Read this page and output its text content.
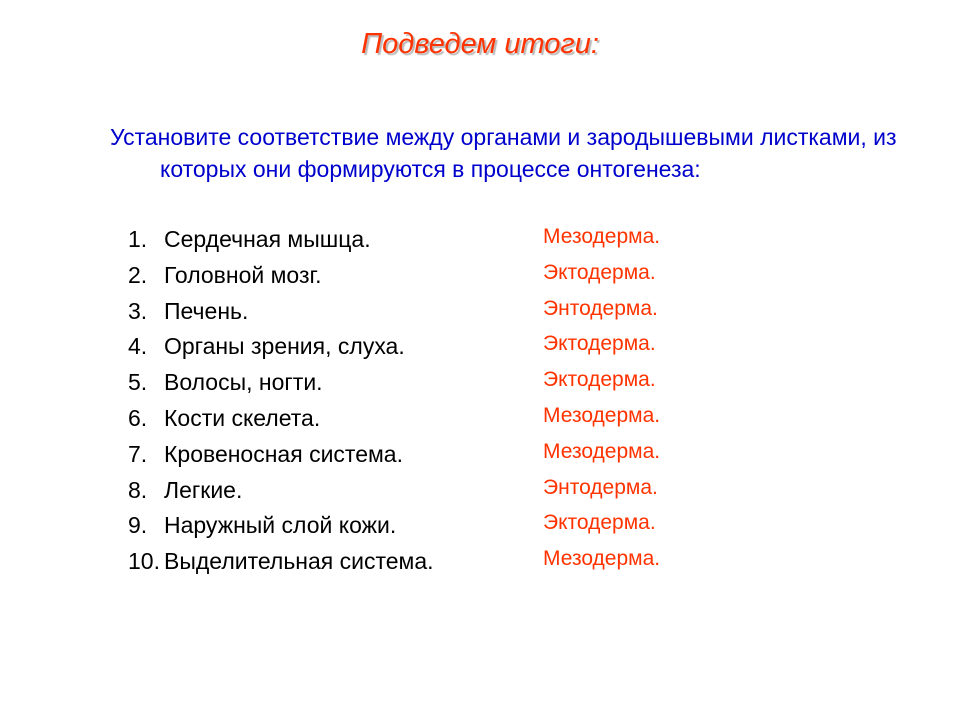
Подведем итоги:
Установите соответствие между органами и зародышевыми листками, из которых они формируются в процессе онтогенеза:
1. Сердечная мышца.
2. Головной мозг.
3. Печень.
4. Органы зрения, слуха.
5. Волосы, ногти.
6. Кости скелета.
7. Кровеносная система.
8. Легкие.
9. Наружный слой кожи.
10. Выделительная система.
Мезодерма.
Эктодерма.
Энтодерма.
Эктодерма.
Эктодерма.
Мезодерма.
Мезодерма.
Энтодерма.
Эктодерма.
Мезодерма.
